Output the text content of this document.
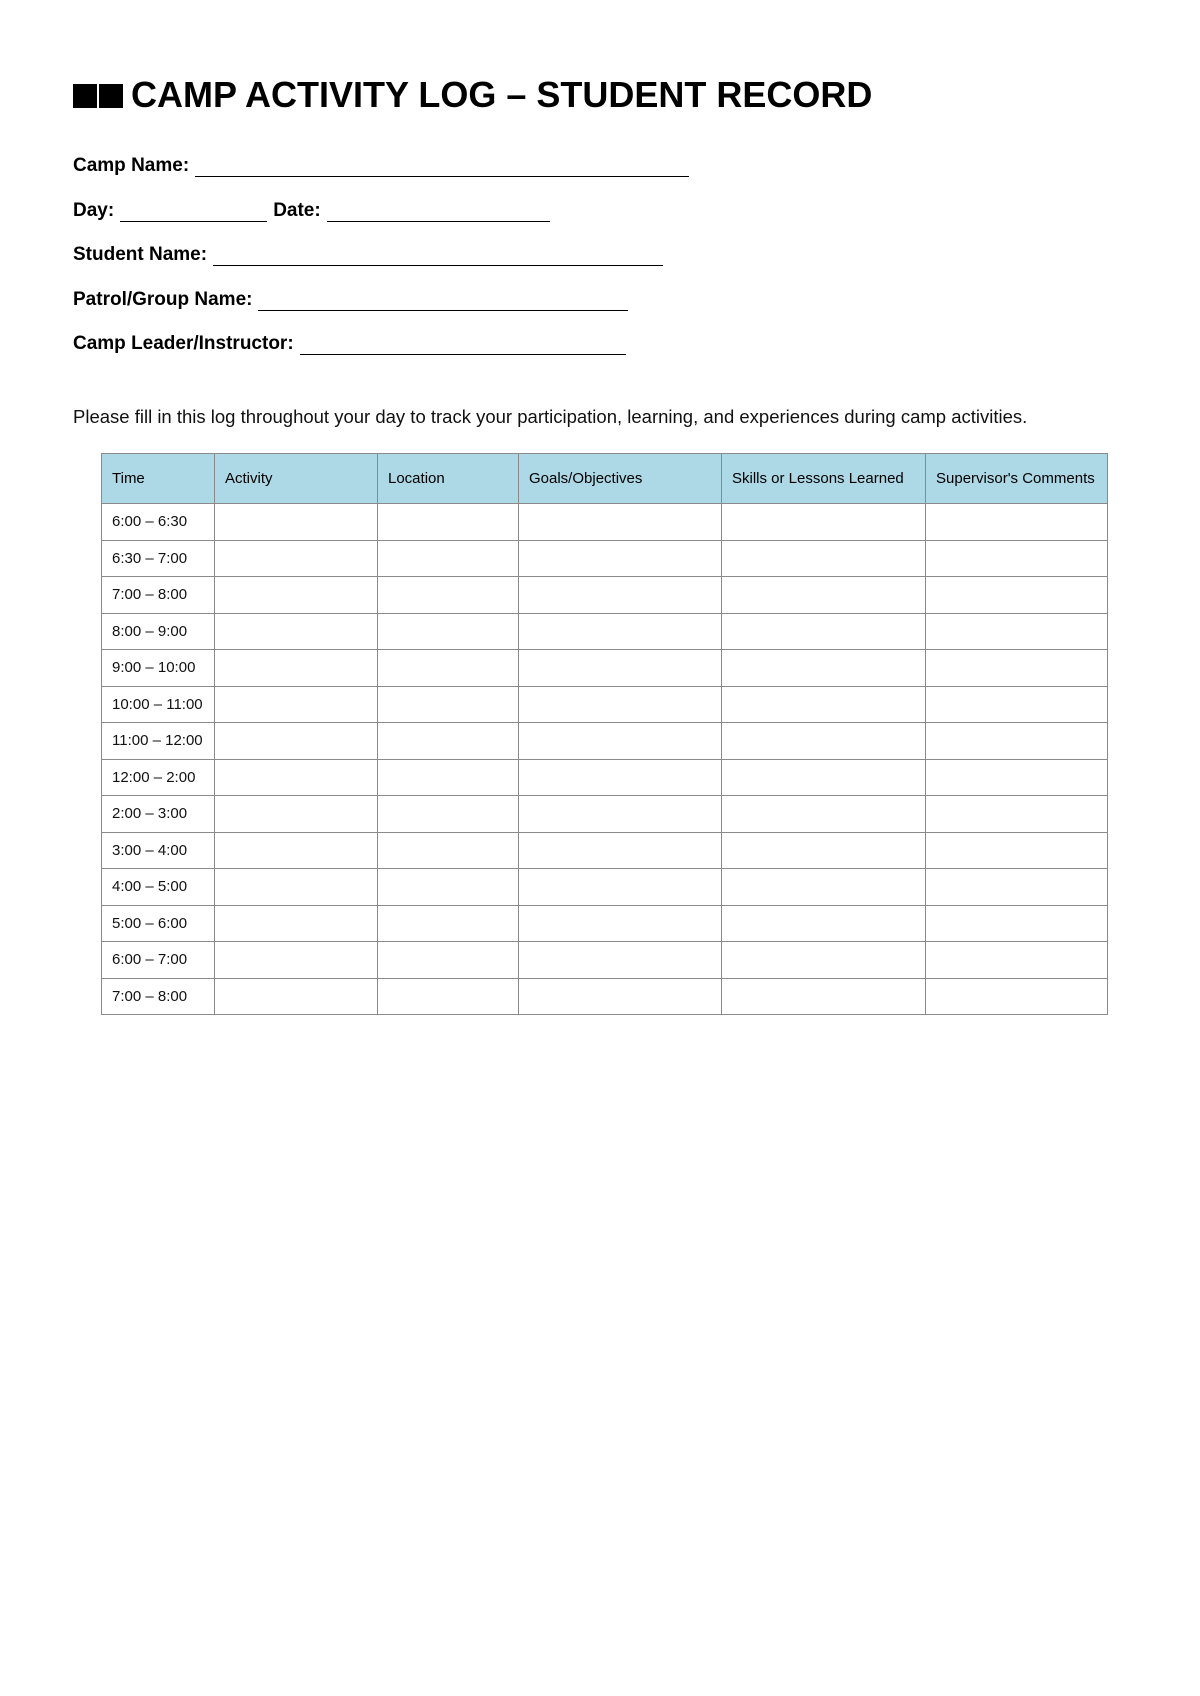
CAMP ACTIVITY LOG – STUDENT RECORD
Camp Name:
Day:	Date:
Student Name:
Patrol/Group Name:
Camp Leader/Instructor:
Please fill in this log throughout your day to track your participation, learning, and experiences during camp activities.
Time	Activity	Location	Goals/Objectives	Skills or Lessons Learned	Supervisor's Comments
6:00 – 6:30					
6:30 – 7:00					
7:00 – 8:00					
8:00 – 9:00					
9:00 – 10:00					
10:00 – 11:00					
11:00 – 12:00					
12:00 – 2:00					
2:00 – 3:00					
3:00 – 4:00					
4:00 – 5:00					
5:00 – 6:00					
6:00 – 7:00					
7:00 – 8:00					
